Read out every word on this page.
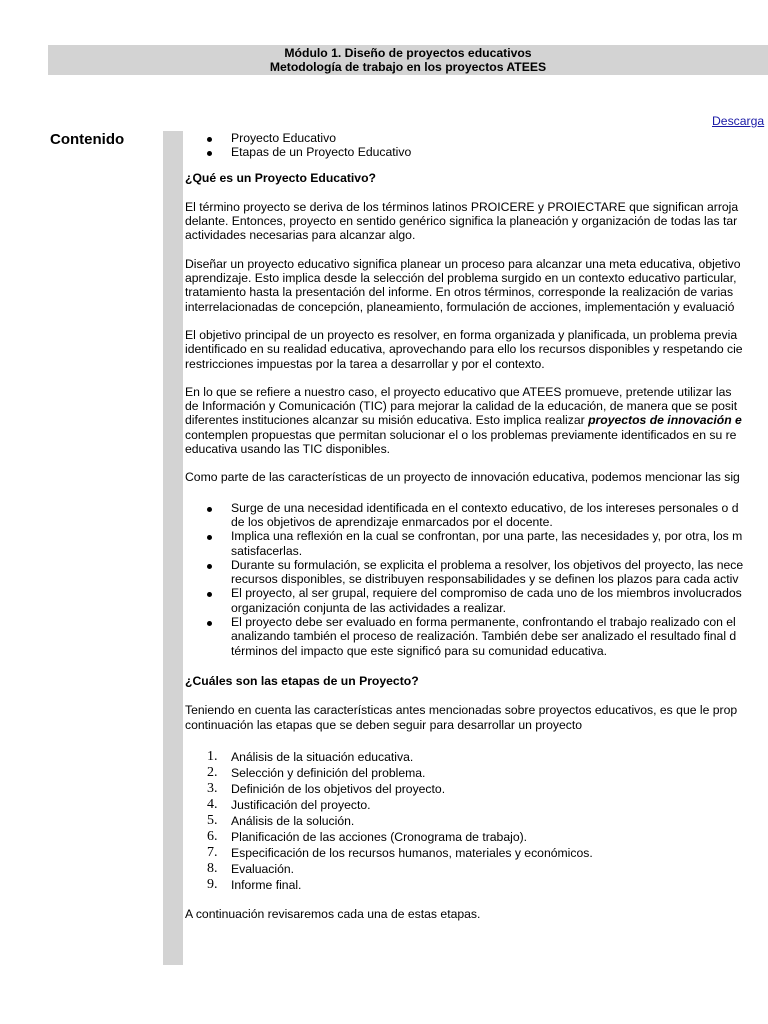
Módulo 1. Diseño de proyectos educativos
Metodología de trabajo en los proyectos ATEES
Descarga
Contenido	Proyecto Educativo
Etapas de un Proyecto Educativo

¿Qué es un Proyecto Educativo?

El término proyecto se deriva de los términos latinos PROICERE y PROIECTARE que significan arroja
delante. Entonces, proyecto en sentido genérico significa la planeación y organización de todas las tar
actividades necesarias para alcanzar algo.

Diseñar un proyecto educativo significa planear un proceso para alcanzar una meta educativa, objetivo
aprendizaje. Esto implica desde la selección del problema surgido en un contexto educativo particular,
tratamiento hasta la presentación del informe. En otros términos, corresponde la realización de varias
interrelacionadas de concepción, planeamiento, formulación de acciones, implementación y evaluació

El objetivo principal de un proyecto es resolver, en forma organizada y planificada, un problema previa
identificado en su realidad educativa, aprovechando para ello los recursos disponibles y respetando cie
restricciones impuestas por la tarea a desarrollar y por el contexto.

En lo que se refiere a nuestro caso, el proyecto educativo que ATEES promueve, pretende utilizar las
de Información y Comunicación (TIC) para mejorar la calidad de la educación, de manera que se posit
diferentes instituciones alcanzar su misión educativa. Esto implica realizar proyectos de innovación e
contemplen propuestas que permitan solucionar el o los problemas previamente identificados en su re
educativa usando las TIC disponibles.

Como parte de las características de un proyecto de innovación educativa, podemos mencionar las sig

Surge de una necesidad identificada en el contexto educativo, de los intereses personales o d
de los objetivos de aprendizaje enmarcados por el docente.
Implica una reflexión en la cual se confrontan, por una parte, las necesidades y, por otra, los m
satisfacerlas.
Durante su formulación, se explicita el problema a resolver, los objetivos del proyecto, las nece
recursos disponibles, se distribuyen responsabilidades y se definen los plazos para cada activ
El proyecto, al ser grupal, requiere del compromiso de cada uno de los miembros involucrados
organización conjunta de las actividades a realizar.
El proyecto debe ser evaluado en forma permanente, confrontando el trabajo realizado con el
analizando también el proceso de realización. También debe ser analizado el resultado final d
términos del impacto que este significó para su comunidad educativa.

¿Cuáles son las etapas de un Proyecto?

Teniendo en cuenta las características antes mencionadas sobre proyectos educativos, es que le prop
continuación las etapas que se deben seguir para desarrollar un proyecto

1. Análisis de la situación educativa.
2. Selección y definición del problema.
3. Definición de los objetivos del proyecto.
4. Justificación del proyecto.
5. Análisis de la solución.
6. Planificación de las acciones (Cronograma de trabajo).
7. Especificación de los recursos humanos, materiales y económicos.
8. Evaluación.
9. Informe final.

A continuación revisaremos cada una de estas etapas.
